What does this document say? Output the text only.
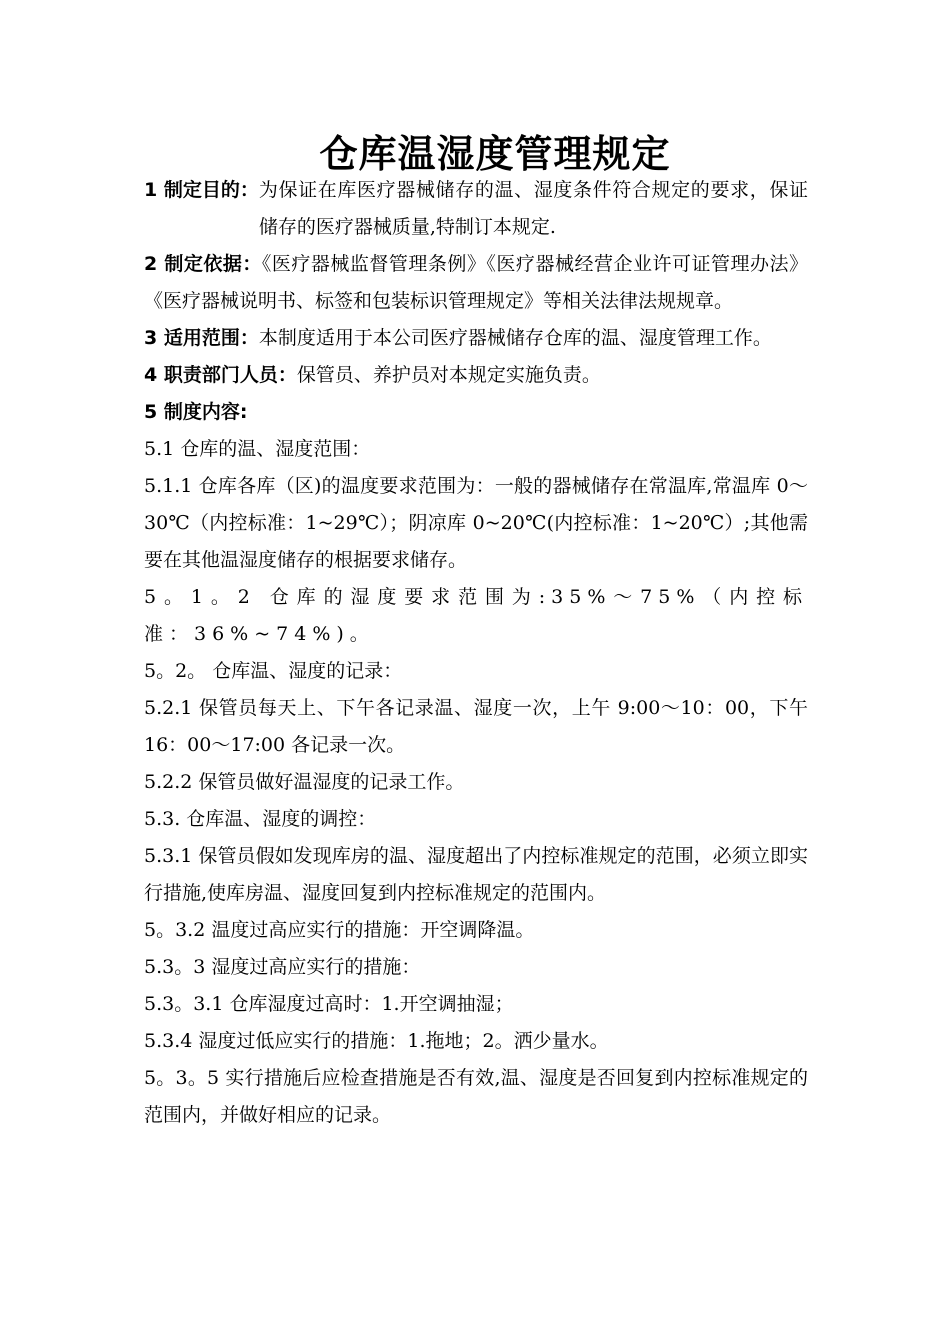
仓库温湿度管理规定
1 制定目的： 为保证在库医疗器械储存的温、湿度条件符合规定的要求，保证储存的医疗器械质量,特制订本规定.

2 制定依据：《医疗器械监督管理条例》《医疗器械经营企业许可证管理办法》《医疗器械说明书、标签和包装标识管理规定》等相关法律法规规章。

3 适用范围：本制度适用于本公司医疗器械储存仓库的温、湿度管理工作。

4 职责部门人员：保管员、养护员对本规定实施负责。

5 制度内容:

5.1 仓库的温、湿度范围：

5.1.1 仓库各库（区)的温度要求范围为：一般的器械储存在常温库,常温库 0～30℃（内控标准：1~29℃）；阴凉库 0~20℃(内控标准：1~20℃）;其他需要在其他温湿度储存的根据要求储存。

5。1。2 仓库的湿度要求范围为:35%～75%（内控标准：36%~74%)。

5。2。 仓库温、湿度的记录：

5.2.1 保管员每天上、下午各记录温、湿度一次，上午 9:00～10：00，下午 16：00～17:00 各记录一次。

5.2.2 保管员做好温湿度的记录工作。

5.3. 仓库温、湿度的调控：

5.3.1 保管员假如发现库房的温、湿度超出了内控标准规定的范围，必须立即实行措施,使库房温、湿度回复到内控标准规定的范围内。

5。3.2 温度过高应实行的措施：开空调降温。

5.3。3 湿度过高应实行的措施：

5.3。3.1 仓库湿度过高时：1.开空调抽湿；

5.3.4 湿度过低应实行的措施：1.拖地；2。洒少量水。

5。3。5 实行措施后应检查措施是否有效,温、湿度是否回复到内控标准规定的范围内，并做好相应的记录。
